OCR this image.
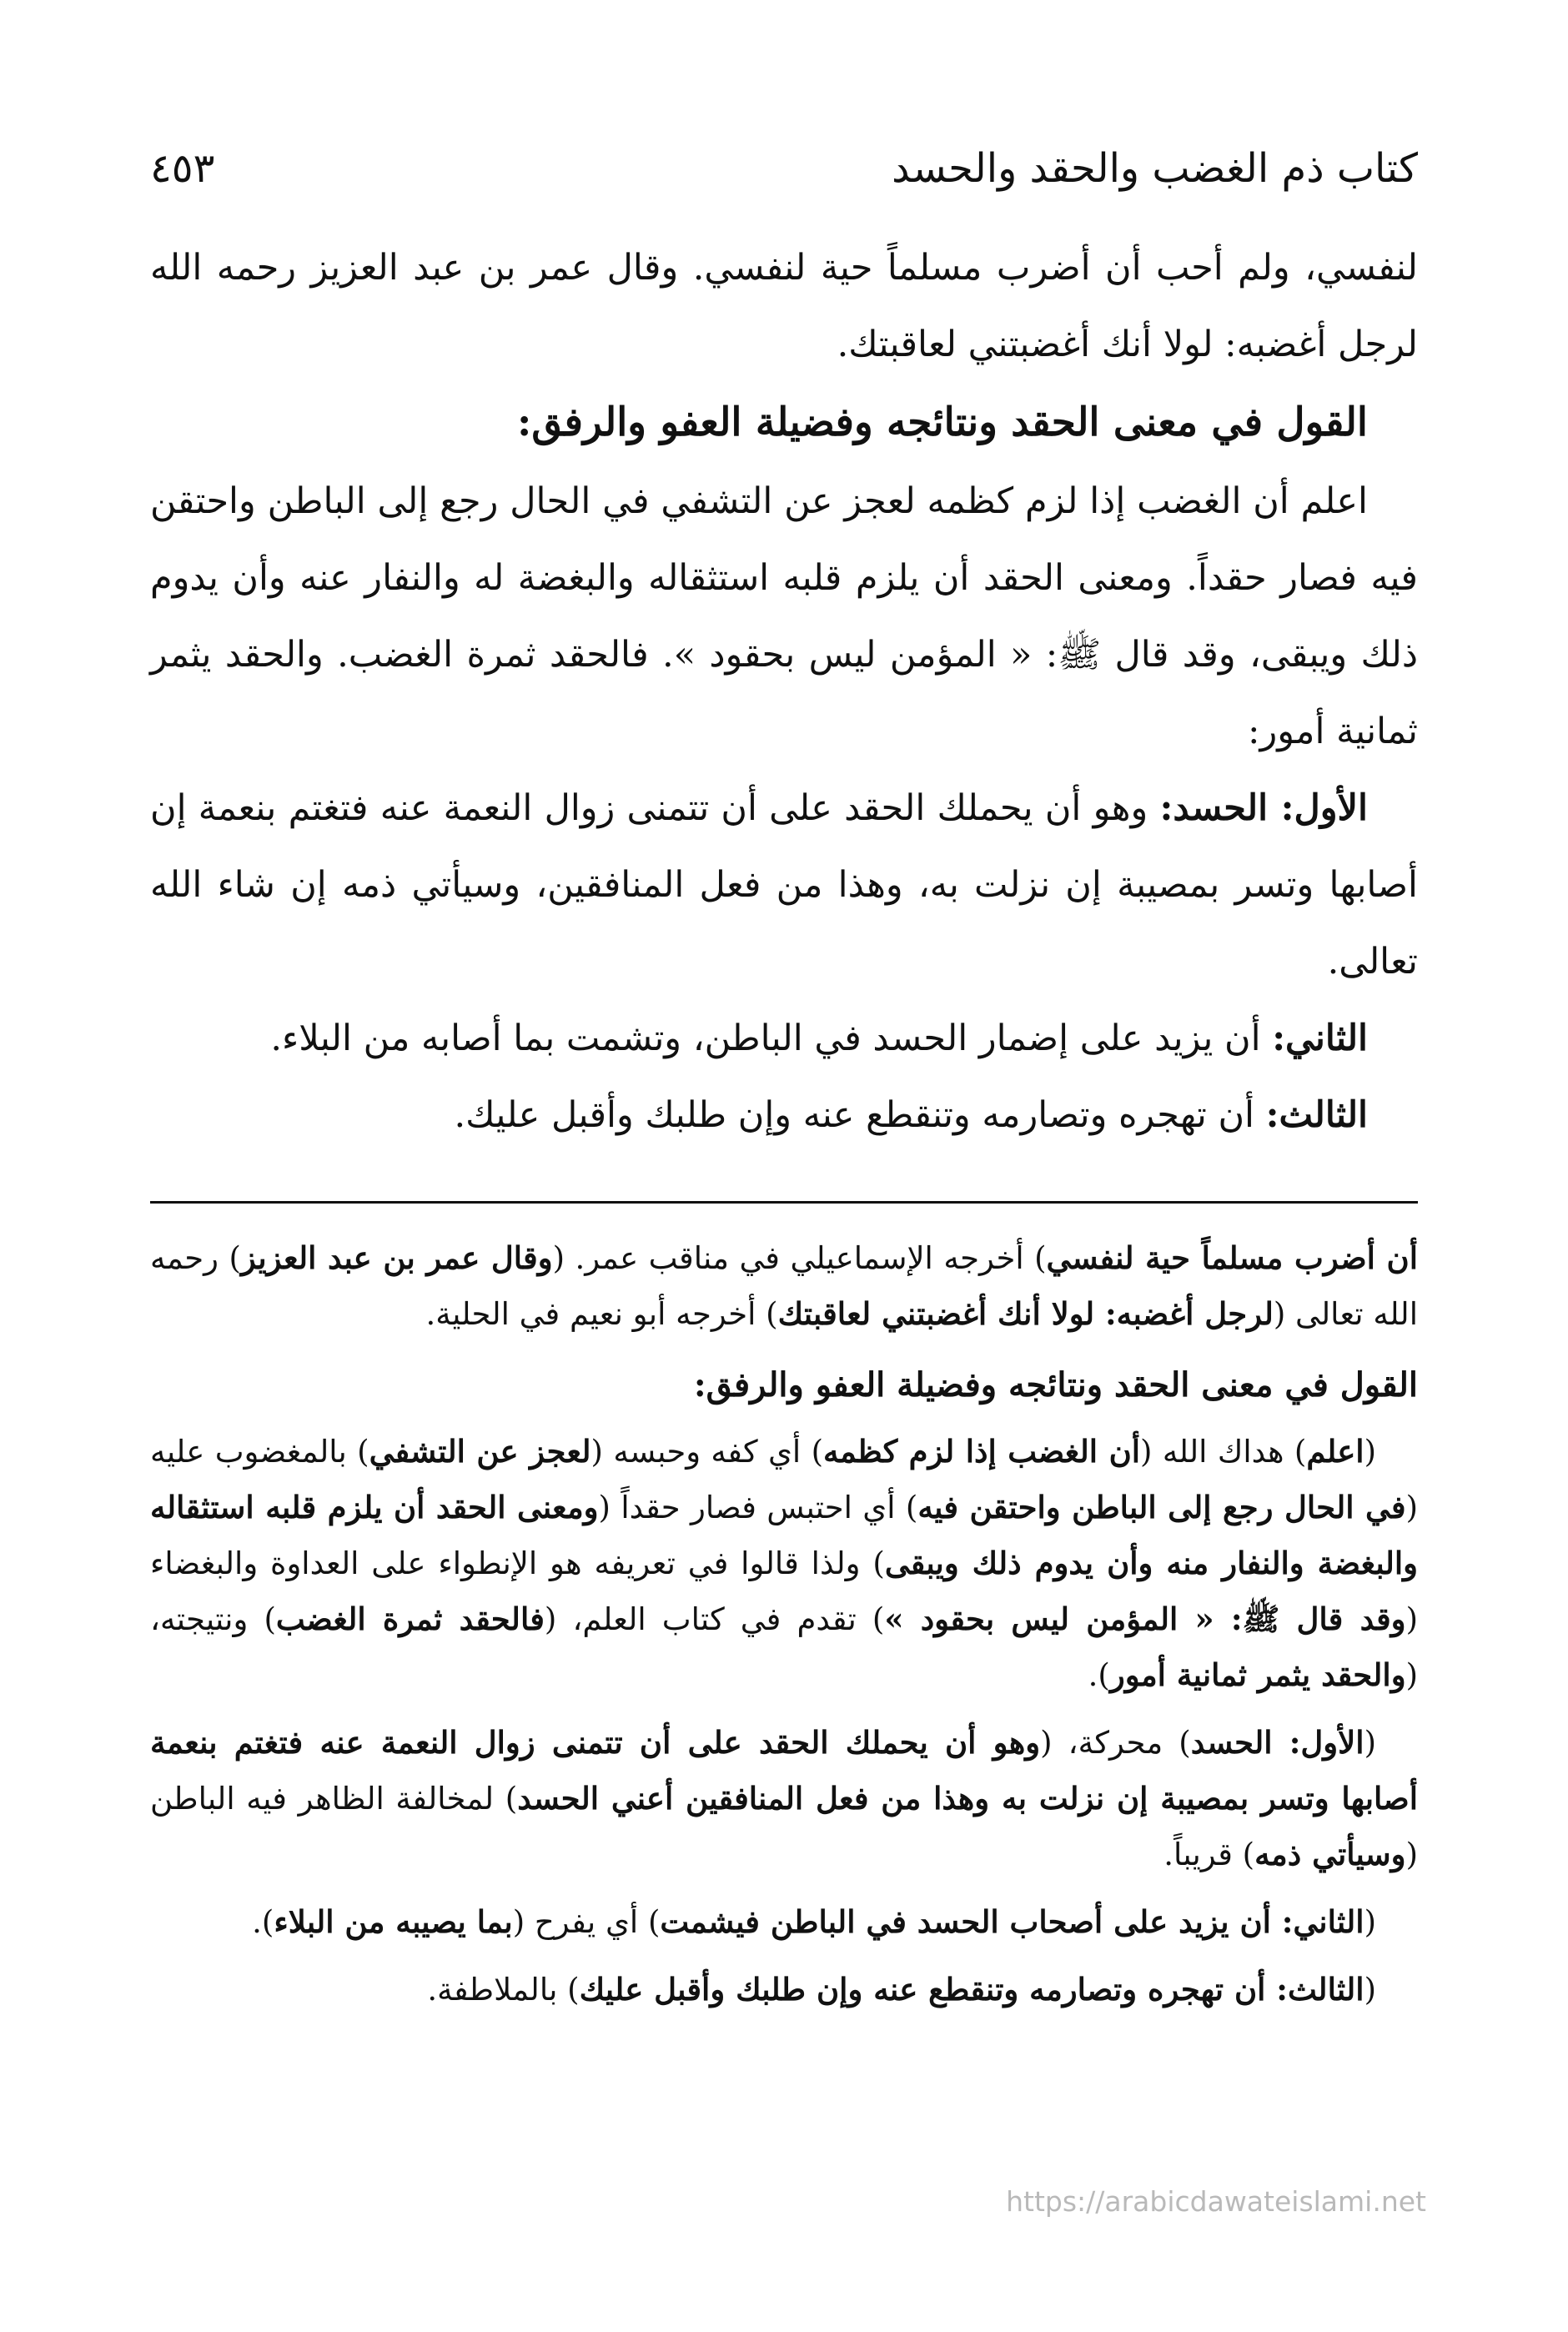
كتاب ذم الغضب والحقد والحسد
٤٥٣

لنفسي، ولم أحب أن أضرب مسلماً حية لنفسي. وقال عمر بن عبد العزيز رحمه الله لرجل أغضبه: لولا أنك أغضبتني لعاقبتك.

القول في معنى الحقد ونتائجه وفضيلة العفو والرفق:

اعلم أن الغضب إذا لزم كظمه لعجز عن التشفي في الحال رجع إلى الباطن واحتقن فيه فصار حقداً. ومعنى الحقد أن يلزم قلبه استثقاله والبغضة له والنفار عنه وأن يدوم ذلك ويبقى، وقد قال ﷺ: « المؤمن ليس بحقود ». فالحقد ثمرة الغضب. والحقد يثمر ثمانية أمور:

الأول: الحسد: وهو أن يحملك الحقد على أن تتمنى زوال النعمة عنه فتغتم بنعمة إن أصابها وتسر بمصيبة إن نزلت به، وهذا من فعل المنافقين، وسيأتي ذمه إن شاء الله تعالى.

الثاني: أن يزيد على إضمار الحسد في الباطن، وتشمت بما أصابه من البلاء.

الثالث: أن تهجره وتصارمه وتنقطع عنه وإن طلبك وأقبل عليك.

أن أضرب مسلماً حية لنفسي) أخرجه الإسماعيلي في مناقب عمر. (وقال عمر بن عبد العزيز) رحمه الله تعالى (لرجل أغضبه: لولا أنك أغضبتني لعاقبتك) أخرجه أبو نعيم في الحلية.

القول في معنى الحقد ونتائجه وفضيلة العفو والرفق:

(اعلم) هداك الله (أن الغضب إذا لزم كظمه) أي كفه وحبسه (لعجز عن التشفي) بالمغضوب عليه (في الحال رجع إلى الباطن واحتقن فيه) أي احتبس فصار حقداً (ومعنى الحقد أن يلزم قلبه استثقاله والبغضة والنفار منه وأن يدوم ذلك ويبقى) ولذا قالوا في تعريفه هو الإنطواء على العداوة والبغضاء (وقد قال ﷺ: « المؤمن ليس بحقود ») تقدم في كتاب العلم، (فالحقد ثمرة الغضب) ونتيجته، (والحقد يثمر ثمانية أمور).

(الأول: الحسد) محركة، (وهو أن يحملك الحقد على أن تتمنى زوال النعمة عنه فتغتم بنعمة أصابها وتسر بمصيبة إن نزلت به وهذا من فعل المنافقين أعني الحسد) لمخالفة الظاهر فيه الباطن (وسيأتي ذمه) قريباً.

(الثاني: أن يزيد على أصحاب الحسد في الباطن فيشمت) أي يفرح (بما يصيبه من البلاء).

(الثالث: أن تهجره وتصارمه وتنقطع عنه وإن طلبك وأقبل عليك) بالملاطفة.

https://arabicdawateislami.net
